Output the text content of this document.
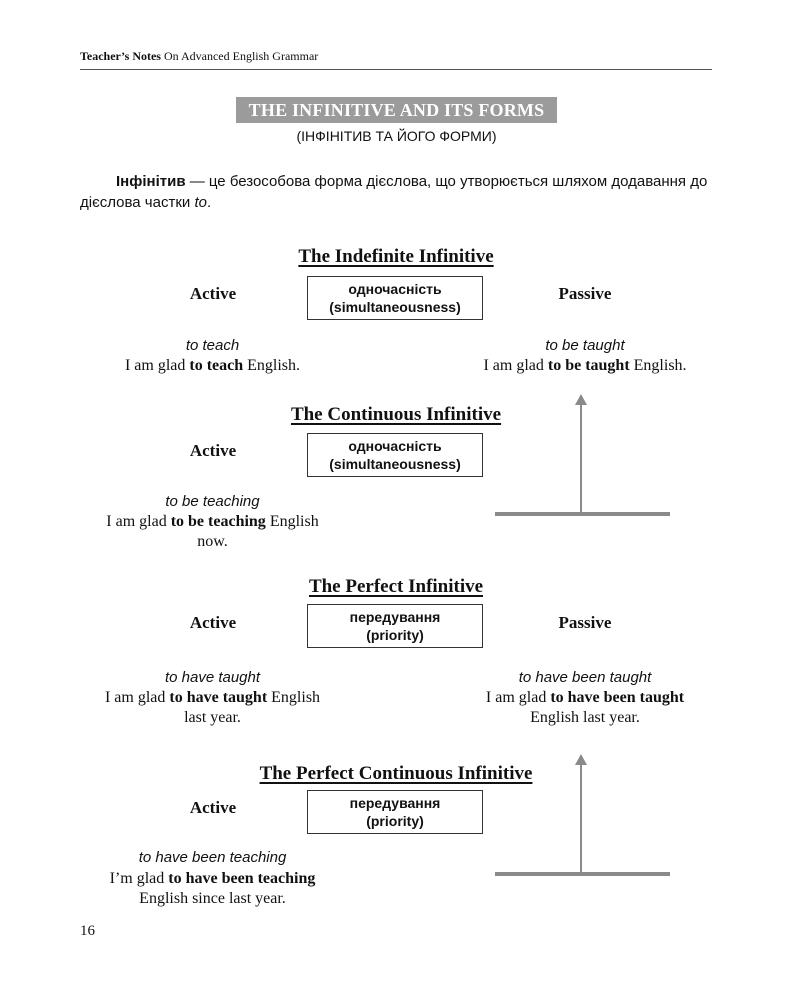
Teacher’s Notes On Advanced English Grammar
THE INFINITIVE AND ITS FORMS
(ІНФІНІТИВ ТА ЙОГО ФОРМИ)
Інфінітив — це безособова форма дієслова, що утворюється шляхом додавання до дієслова частки to.
The Indefinite Infinitive
Active	одночасність
(simultaneousness)
Passive
to teach
I am glad to teach English.
to be taught
I am glad to be taught English.
The Continuous Infinitive
Active	одночасність
(simultaneousness)
to be teaching
I am glad to be teaching English
now.
The Perfect Infinitive
Active	передування
(priority)
Passive
to have taught
I am glad to have taught English
last year.
to have been taught
I am glad to have been taught
English last year.
The Perfect Continuous Infinitive
Active	передування
(priority)
to have been teaching
I’m glad to have been teaching
English since last year.
16
